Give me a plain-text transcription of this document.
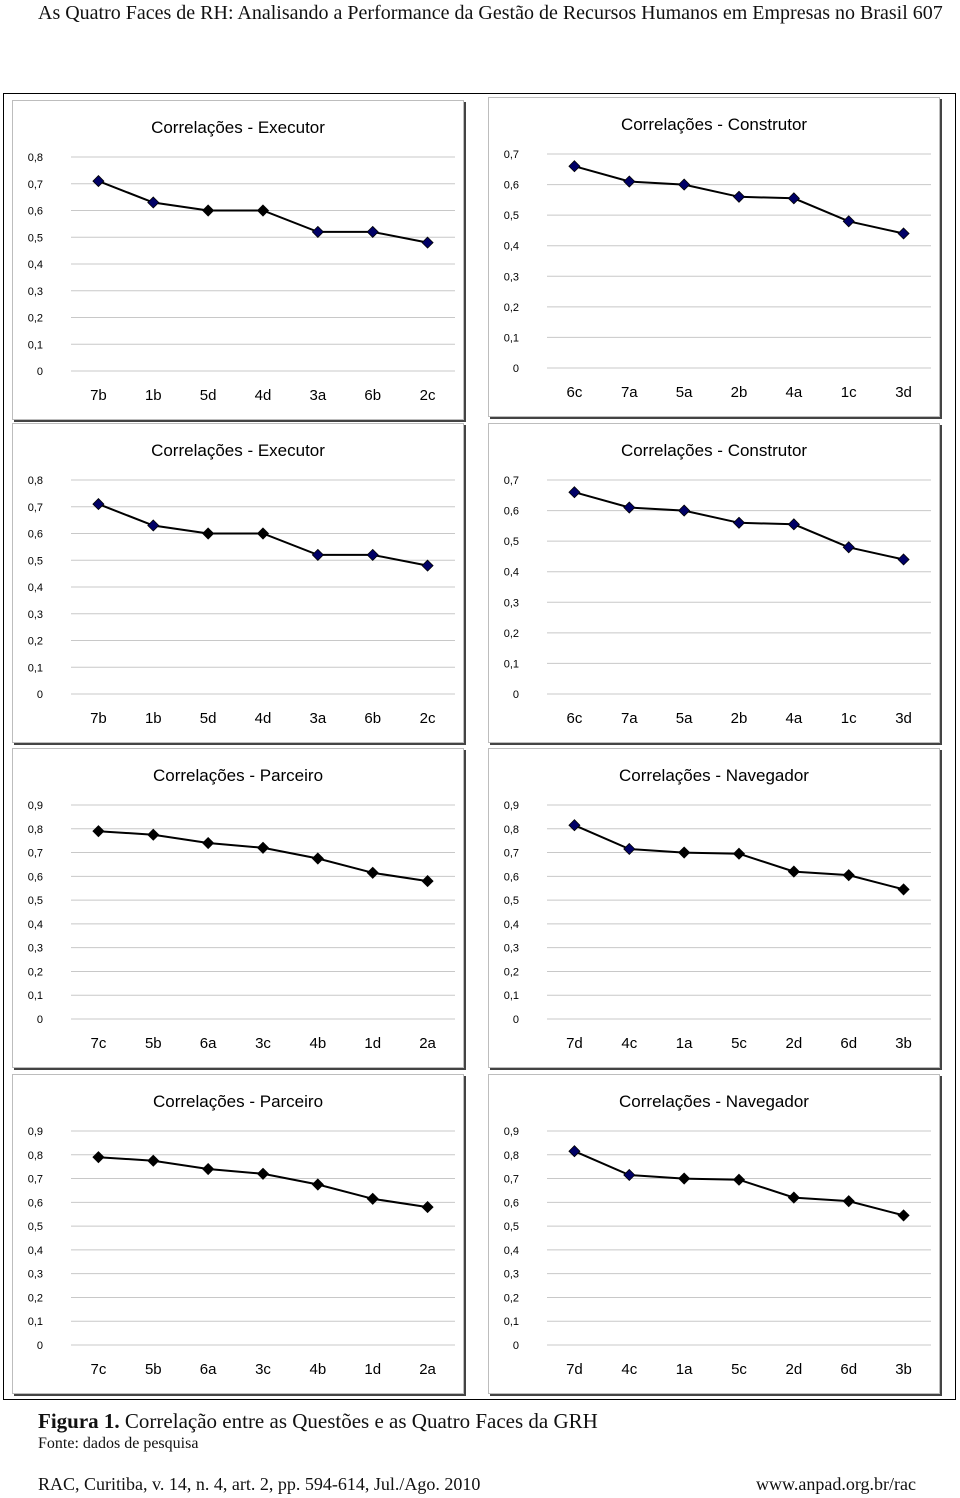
As Quatro Faces de RH: Analisando a Performance da Gestão de Recursos Humanos em Empresas no Brasil 607
Correlações - Executor
0
0,1
0,2
0,3
0,4
0,5
0,6
0,7
0,8
7b	1b	5d	4d	3a	6b	2c
Correlações - Construtor
0
0,1
0,2
0,3
0,4
0,5
0,6
0,7
6c	7a	5a	2b	4a	1c	3d
Correlações - Executor
0
0,1
0,2
0,3
0,4
0,5
0,6
0,7
0,8
7b	1b	5d	4d	3a	6b	2c
Correlações - Construtor
0
0,1
0,2
0,3
0,4
0,5
0,6
0,7
6c	7a	5a	2b	4a	1c	3d
Correlações - Parceiro
0
0,1
0,2
0,3
0,4
0,5
0,6
0,7
0,8
0,9
7c	5b	6a	3c	4b	1d	2a
Correlações - Navegador
0
0,1
0,2
0,3
0,4
0,5
0,6
0,7
0,8
0,9
7d	4c	1a	5c	2d	6d	3b
Correlações - Parceiro
0
0,1
0,2
0,3
0,4
0,5
0,6
0,7
0,8
0,9
7c	5b	6a	3c	4b	1d	2a
Correlações - Navegador
0
0,1
0,2
0,3
0,4
0,5
0,6
0,7
0,8
0,9
7d	4c	1a	5c	2d	6d	3b
Figura 1. Correlação entre as Questões e as Quatro Faces da GRH
Fonte: dados de pesquisa
RAC, Curitiba, v. 14, n. 4, art. 2, pp. 594-614, Jul./Ago. 2010	www.anpad.org.br/rac
